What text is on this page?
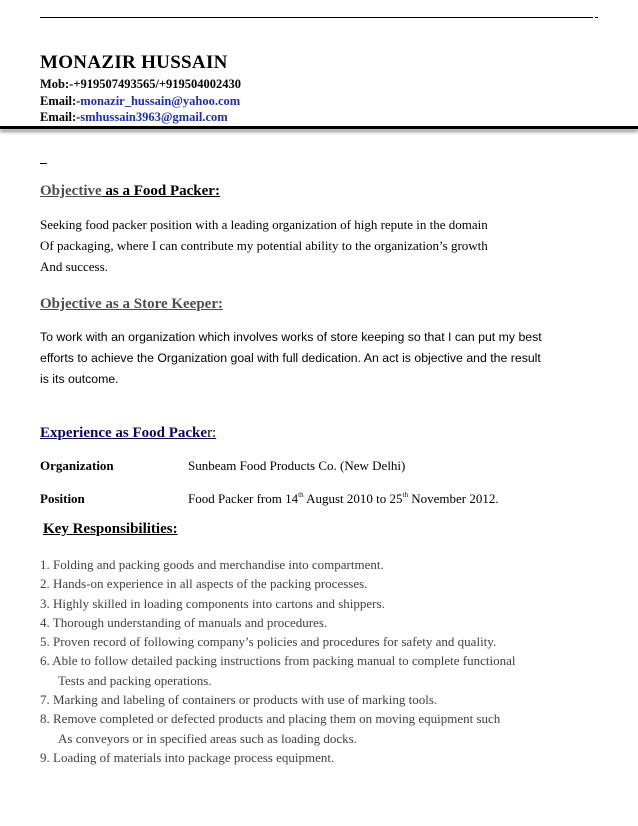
MONAZIR HUSSAIN
Mob:-+919507493565/+919504002430
Email:-monazir_hussain@yahoo.com
Email:-smhussain3963@gmail.com
Objective as a Food Packer:
Seeking food packer position with a leading organization of high repute in the domain
Of packaging, where I can contribute my potential ability to the organization’s growth
And success.
Objective as a Store Keeper:
To work with an organization which involves works of store keeping so that I can put my best
efforts to achieve the Organization goal with full dedication. An act is objective and the result
is its outcome.
Experience as Food Packer:
Organization	Sunbeam Food Products Co. (New Delhi)
Position	Food Packer from 14th August 2010 to 25th November 2012.
Key Responsibilities:
1. Folding and packing goods and merchandise into compartment.
2. Hands-on experience in all aspects of the packing processes.
3. Highly skilled in loading components into cartons and shippers.
4. Thorough understanding of manuals and procedures.
5. Proven record of following company’s policies and procedures for safety and quality.
6. Able to follow detailed packing instructions from packing manual to complete functional
Tests and packing operations.
7. Marking and labeling of containers or products with use of marking tools.
8. Remove completed or defected products and placing them on moving equipment such
As conveyors or in specified areas such as loading docks.
9. Loading of materials into package process equipment.
